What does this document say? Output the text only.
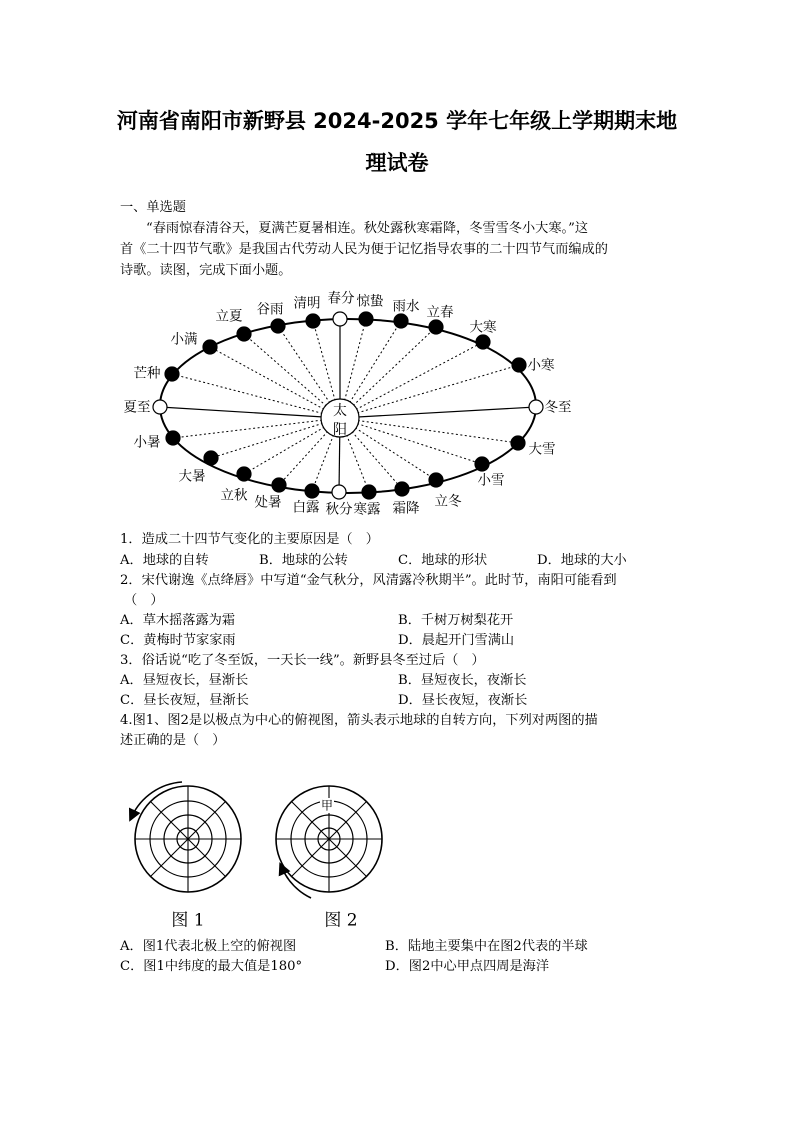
河南省南阳市新野县 2024-2025 学年七年级上学期期末地
理试卷
一、单选题
“春雨惊春清谷天，夏满芒夏暑相连。秋处露秋寒霜降，冬雪雪冬小大寒。”这
首《二十四节气歌》是我国古代劳动人民为便于记忆指导农事的二十四节气而编成的
诗歌。读图，完成下面小题。
太
阳
立夏 谷雨 清明 春分 惊蛰 雨水 立春
大寒
小满
小寒
芒种
夏至	冬至
小暑	大雪
大暑	小雪
立秋	立冬
处暑 白露 秋分 寒露 霜降
1．造成二十四节气变化的主要原因是（　）
A．地球的自转	B．地球的公转	C．地球的形状	D．地球的大小
2．宋代谢逸《点绛唇》中写道“金气秋分，风清露冷秋期半”。此时节，南阳可能看到
（　）
A．草木摇落露为霜	B．千树万树梨花开
C．黄梅时节家家雨	D．晨起开门雪满山
3．俗话说“吃了冬至饭，一天长一线”。新野县冬至过后（　）
A．昼短夜长，昼渐长	B．昼短夜长，夜渐长
C．昼长夜短，昼渐长	D．昼长夜短，夜渐长
4.图1、图2是以极点为中心的俯视图，箭头表示地球的自转方向，下列对两图的描
述正确的是（　）
甲
图 1	图 2
A．图1代表北极上空的俯视图	B．陆地主要集中在图2代表的半球
C．图1中纬度的最大值是180°	D．图2中心甲点四周是海洋
